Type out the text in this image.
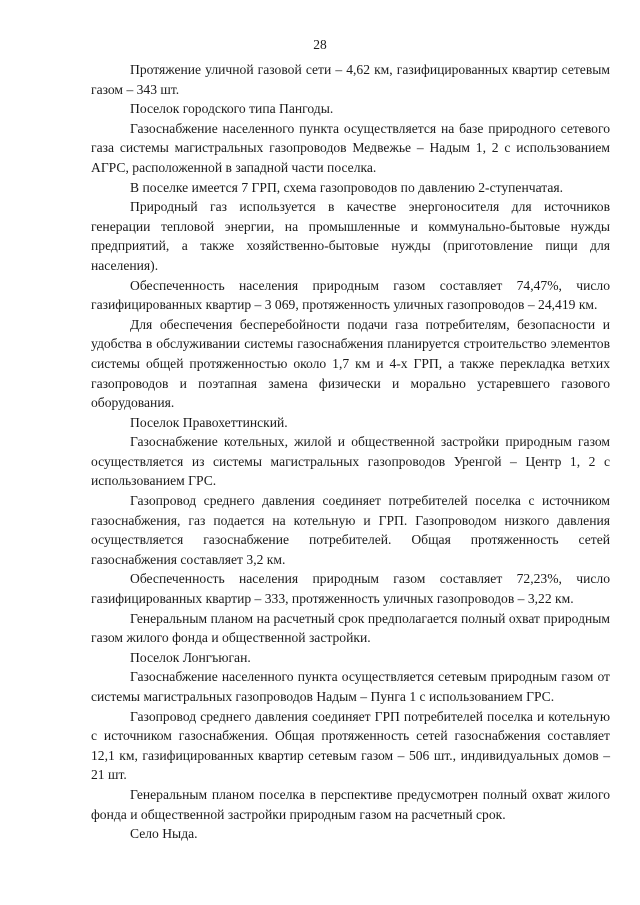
28

Протяжение уличной газовой сети – 4,62 км, газифицированных квартир сетевым газом – 343 шт.

Поселок городского типа Пангоды.

Газоснабжение населенного пункта осуществляется на базе природного сетевого газа системы магистральных газопроводов Медвежье – Надым 1, 2 с использованием АГРС, расположенной в западной части поселка.

В поселке имеется 7 ГРП, схема газопроводов по давлению 2-ступенчатая.

Природный газ используется в качестве энергоносителя для источников генерации тепловой энергии, на промышленные и коммунально-бытовые нужды предприятий, а также хозяйственно-бытовые нужды (приготовление пищи для населения).

Обеспеченность населения природным газом составляет 74,47%, число газифицированных квартир – 3 069, протяженность уличных газопроводов – 24,419 км.

Для обеспечения бесперебойности подачи газа потребителям, безопасности и удобства в обслуживании системы газоснабжения планируется строительство элементов системы общей протяженностью около 1,7 км и 4-х ГРП, а также перекладка ветхих газопроводов и поэтапная замена физически и морально устаревшего газового оборудования.

Поселок Правохеттинский.

Газоснабжение котельных, жилой и общественной застройки природным газом осуществляется из системы магистральных газопроводов Уренгой – Центр 1, 2 с использованием ГРС.

Газопровод среднего давления соединяет потребителей поселка с источником газоснабжения, газ подается на котельную и ГРП. Газопроводом низкого давления осуществляется газоснабжение потребителей. Общая протяженность сетей газоснабжения составляет 3,2 км.

Обеспеченность населения природным газом составляет 72,23%, число газифицированных квартир – 333, протяженность уличных газопроводов – 3,22 км.

Генеральным планом на расчетный срок предполагается полный охват природным газом жилого фонда и общественной застройки.

Поселок Лонгъюган.

Газоснабжение населенного пункта осуществляется сетевым природным газом от системы магистральных газопроводов Надым – Пунга 1 с использованием ГРС.

Газопровод среднего давления соединяет ГРП потребителей поселка и котельную с источником газоснабжения. Общая протяженность сетей газоснабжения составляет 12,1 км, газифицированных квартир сетевым газом – 506 шт., индивидуальных домов – 21 шт.

Генеральным планом поселка в перспективе предусмотрен полный охват жилого фонда и общественной застройки природным газом на расчетный срок.

Село Ныда.
